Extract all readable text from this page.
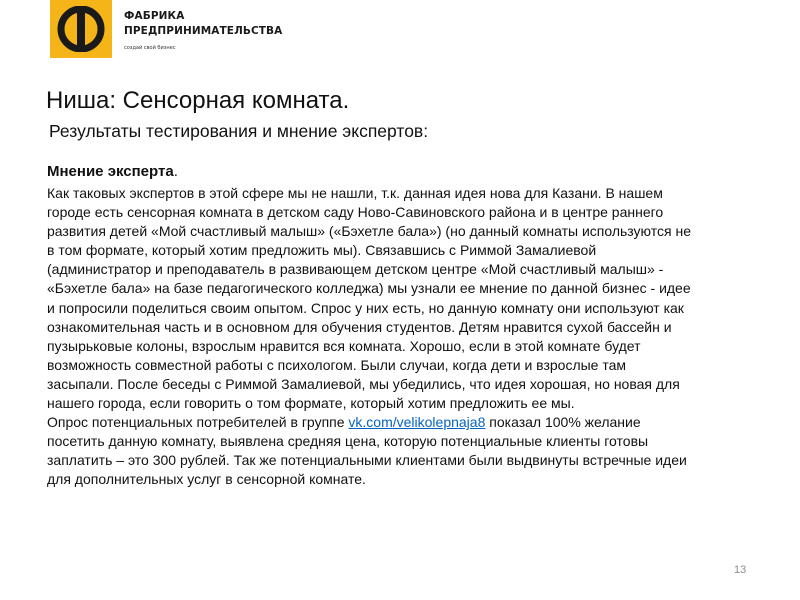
ФАБРИКА
ПРЕДПРИНИМАТЕЛЬСТВА
создай свой бизнес
Ниша: Сенсорная комната.
Результаты тестирования и мнение экспертов:
Мнение эксперта.
Как таковых экспертов в этой сфере мы не нашли, т.к. данная идея нова для Казани. В нашем
городе есть сенсорная комната в детском саду Ново-Савиновского района и в центре раннего
развития детей «Мой счастливый малыш» («Бэхетле бала») (но данный комнаты используются не
в том формате, который хотим предложить мы). Связавшись с Риммой Замалиевой
(администратор и преподаватель в развивающем детском центре «Мой счастливый малыш» -
«Бэхетле бала» на базе педагогического колледжа) мы узнали ее мнение по данной бизнес - идее
и попросили поделиться своим опытом. Спрос у них есть, но данную комнату они используют как
ознакомительная часть и в основном для обучения студентов. Детям нравится сухой бассейн и
пузырьковые колоны, взрослым нравится вся комната. Хорошо, если в этой комнате будет
возможность совместной работы с психологом. Были случаи, когда дети и взрослые там
засыпали. После беседы с Риммой Замалиевой, мы убедились, что идея хорошая, но новая для
нашего города, если говорить о том формате, который хотим предложить ее мы.
Опрос потенциальных потребителей в группе vk.com/velikolepnaja8 показал 100% желание
посетить данную комнату, выявлена средняя цена, которую потенциальные клиенты готовы
заплатить – это 300 рублей. Так же потенциальными клиентами были выдвинуты встречные идеи
для дополнительных услуг в сенсорной комнате.
13
